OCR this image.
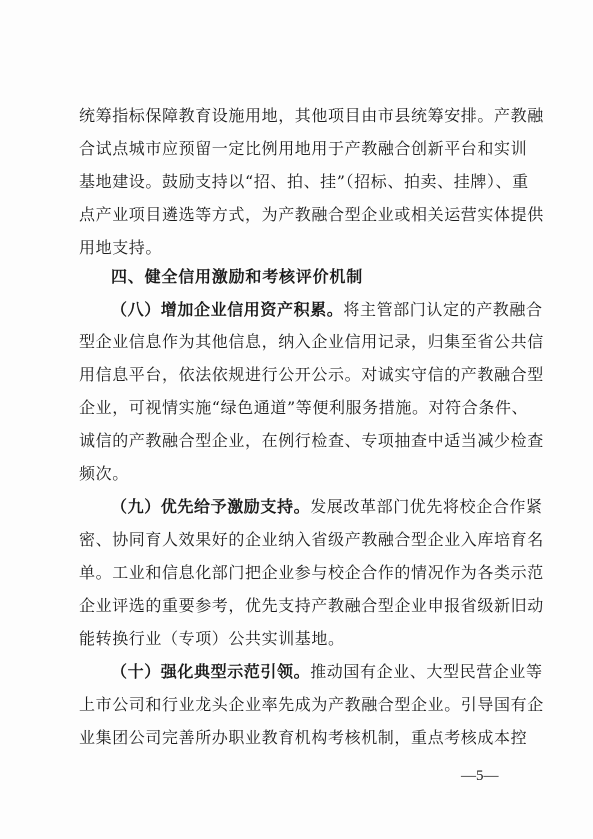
统筹指标保障教育设施用地，其他项目由市县统筹安排。产教融
合试点城市应预留一定比例用地用于产教融合创新平台和实训
基地建设。鼓励支持以“招、拍、挂”（招标、拍卖、挂牌）、重
点产业项目遴选等方式，为产教融合型企业或相关运营实体提供
用地支持。
四、健全信用激励和考核评价机制
（八）增加企业信用资产积累。将主管部门认定的产教融合
型企业信息作为其他信息，纳入企业信用记录，归集至省公共信
用信息平台，依法依规进行公开公示。对诚实守信的产教融合型
企业，可视情实施“绿色通道”等便利服务措施。对符合条件、
诚信的产教融合型企业，在例行检查、专项抽查中适当减少检查
频次。
（九）优先给予激励支持。发展改革部门优先将校企合作紧
密、协同育人效果好的企业纳入省级产教融合型企业入库培育名
单。工业和信息化部门把企业参与校企合作的情况作为各类示范
企业评选的重要参考，优先支持产教融合型企业申报省级新旧动
能转换行业（专项）公共实训基地。
（十）强化典型示范引领。推动国有企业、大型民营企业等
上市公司和行业龙头企业率先成为产教融合型企业。引导国有企
业集团公司完善所办职业教育机构考核机制，重点考核成本控
—5—
